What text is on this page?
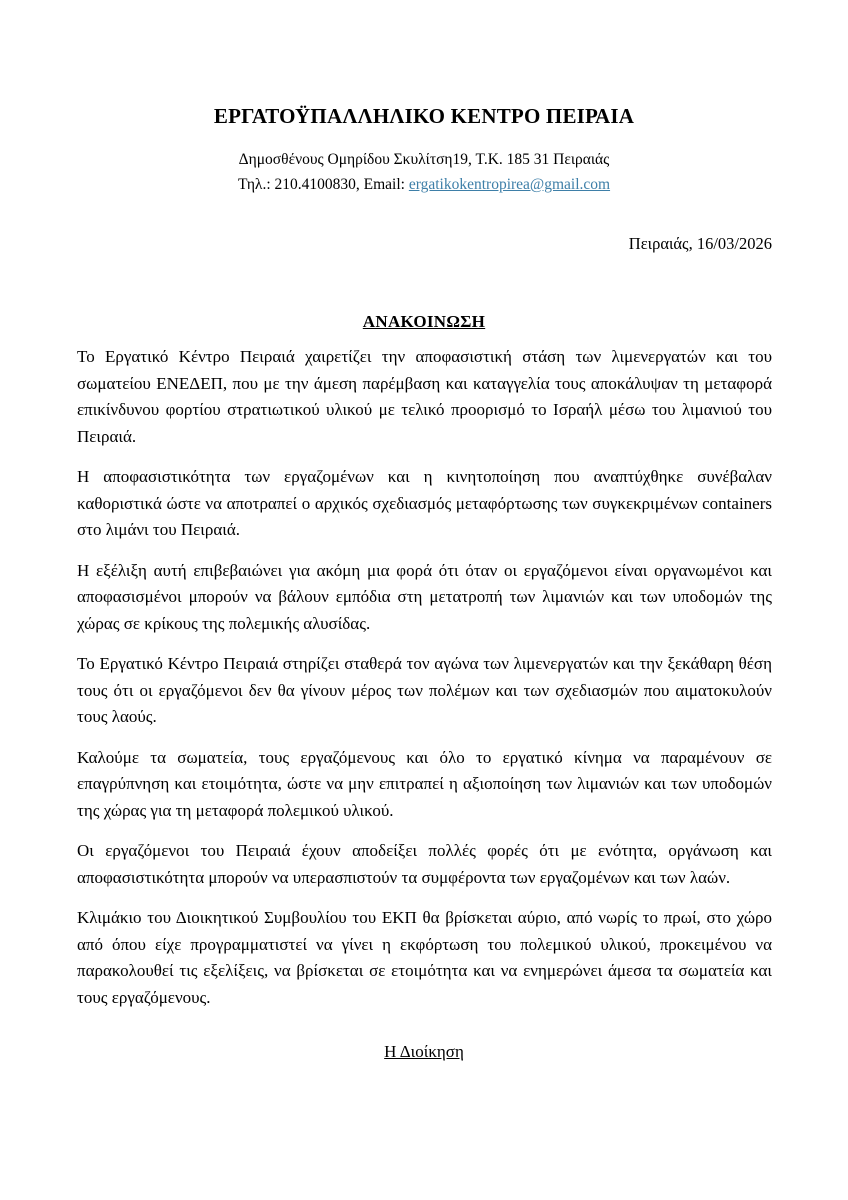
ΕΡΓΑΤΟΫΠΑΛΛΗΛΙΚΟ ΚΕΝΤΡΟ ΠΕΙΡΑΙΑ
Δημοσθένους Ομηρίδου Σκυλίτση19, Τ.Κ. 185 31 Πειραιάς
Τηλ.: 210.4100830, Email: ergatikokentropirea@gmail.com
Πειραιάς, 16/03/2026
ΑΝΑΚΟΙΝΩΣΗ

Το Εργατικό Κέντρο Πειραιά χαιρετίζει την αποφασιστική στάση των λιμενεργατών και του σωματείου ΕΝΕΔΕΠ, που με την άμεση παρέμβαση και καταγγελία τους αποκάλυψαν τη μεταφορά επικίνδυνου φορτίου στρατιωτικού υλικού με τελικό προορισμό το Ισραήλ μέσω του λιμανιού του Πειραιά.

Η αποφασιστικότητα των εργαζομένων και η κινητοποίηση που αναπτύχθηκε συνέβαλαν καθοριστικά ώστε να αποτραπεί ο αρχικός σχεδιασμός μεταφόρτωσης των συγκεκριμένων containers στο λιμάνι του Πειραιά.

Η εξέλιξη αυτή επιβεβαιώνει για ακόμη μια φορά ότι όταν οι εργαζόμενοι είναι οργανωμένοι και αποφασισμένοι μπορούν να βάλουν εμπόδια στη μετατροπή των λιμανιών και των υποδομών της χώρας σε κρίκους της πολεμικής αλυσίδας.

Το Εργατικό Κέντρο Πειραιά στηρίζει σταθερά τον αγώνα των λιμενεργατών και την ξεκάθαρη θέση τους ότι οι εργαζόμενοι δεν θα γίνουν μέρος των πολέμων και των σχεδιασμών που αιματοκυλούν τους λαούς.

Καλούμε τα σωματεία, τους εργαζόμενους και όλο το εργατικό κίνημα να παραμένουν σε επαγρύπνηση και ετοιμότητα, ώστε να μην επιτραπεί η αξιοποίηση των λιμανιών και των υποδομών της χώρας για τη μεταφορά πολεμικού υλικού.

Οι εργαζόμενοι του Πειραιά έχουν αποδείξει πολλές φορές ότι με ενότητα, οργάνωση και αποφασιστικότητα μπορούν να υπερασπιστούν τα συμφέροντα των εργαζομένων και των λαών.

Κλιμάκιο του Διοικητικού Συμβουλίου του ΕΚΠ θα βρίσκεται αύριο, από νωρίς το πρωί, στο χώρο από όπου είχε προγραμματιστεί να γίνει η εκφόρτωση του πολεμικού υλικού, προκειμένου να παρακολουθεί τις εξελίξεις, να βρίσκεται σε ετοιμότητα και να ενημερώνει άμεσα τα σωματεία και τους εργαζόμενους.

Η Διοίκηση
